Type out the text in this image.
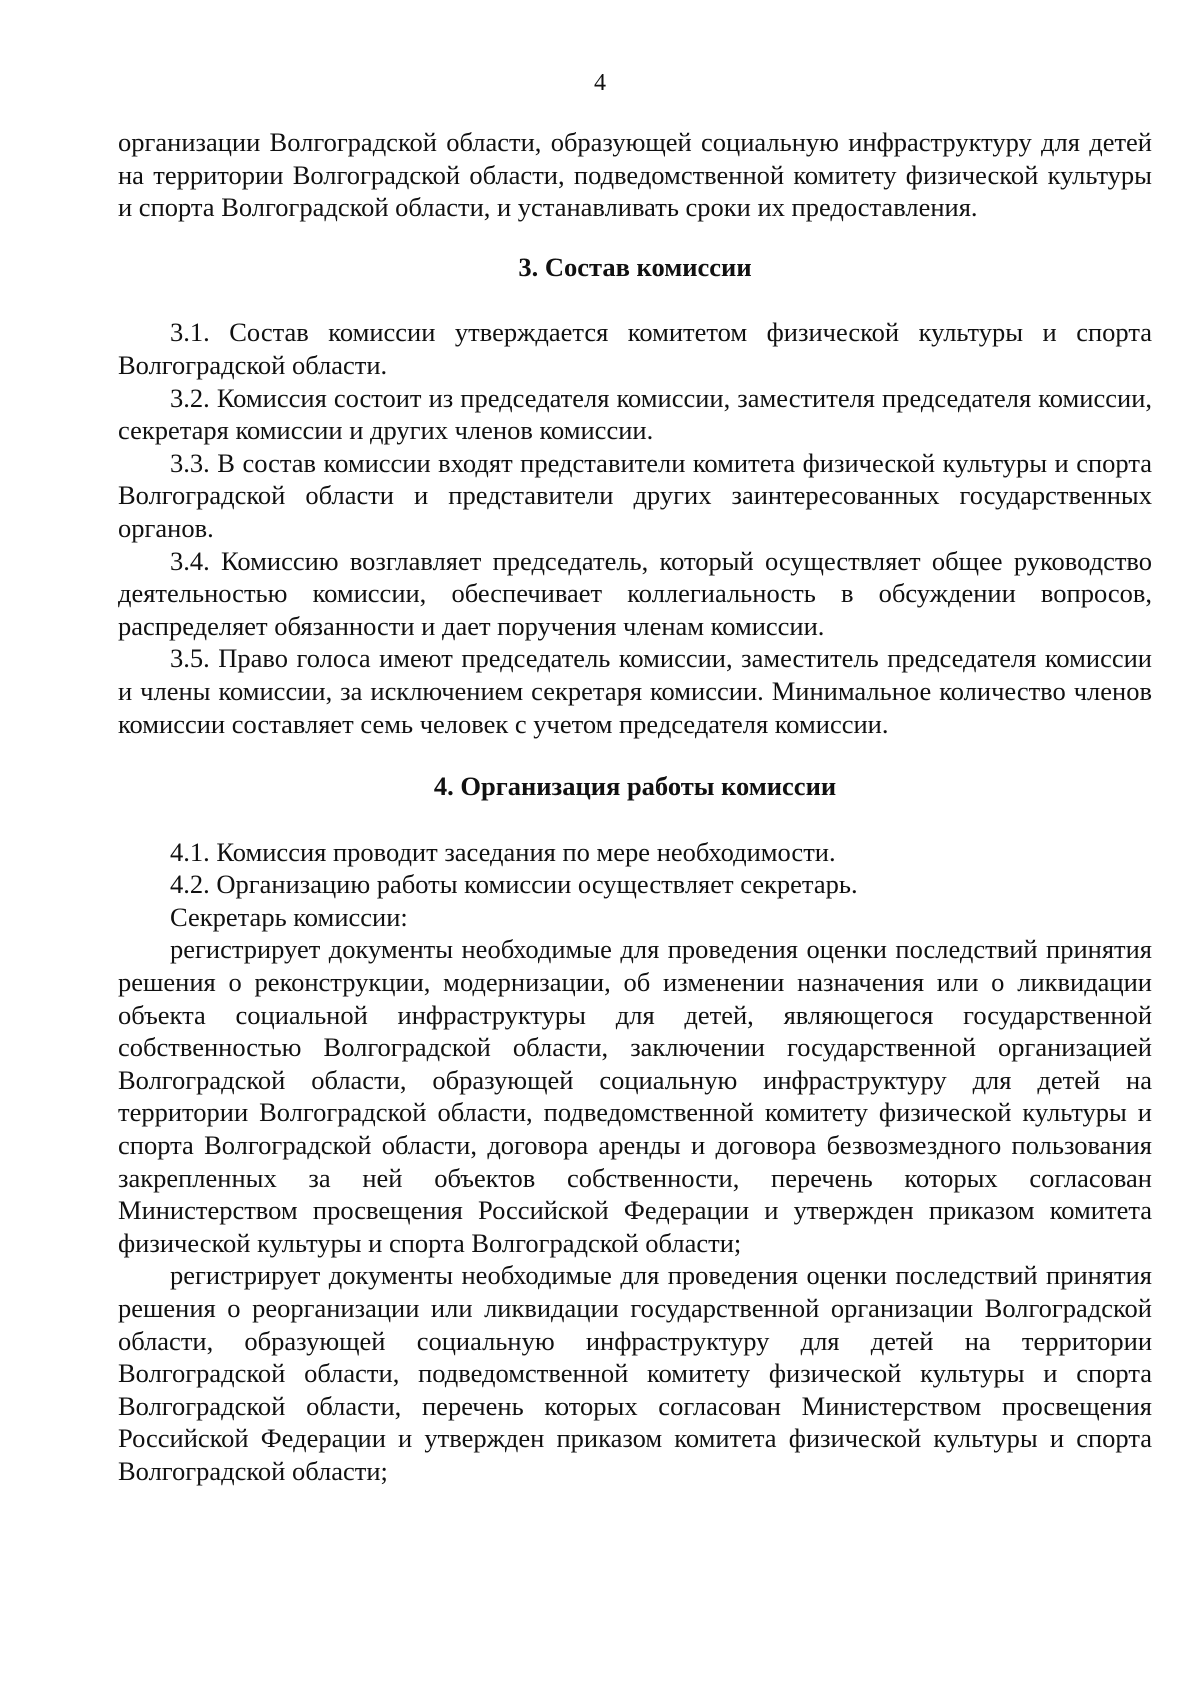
4

организации Волгоградской области, образующей социальную инфраструктуру для детей на территории Волгоградской области, подведомственной комитету физической культуры и спорта Волгоградской области, и устанавливать сроки их предоставления.

3. Состав комиссии

3.1. Состав комиссии утверждается комитетом физической культуры и спорта Волгоградской области.

3.2. Комиссия состоит из председателя комиссии, заместителя председателя комиссии, секретаря комиссии и других членов комиссии.

3.3. В состав комиссии входят представители комитета физической культуры и спорта Волгоградской области и представители других заинтересованных государственных органов.

3.4. Комиссию возглавляет председатель, который осуществляет общее руководство деятельностью комиссии, обеспечивает коллегиальность в обсуждении вопросов, распределяет обязанности и дает поручения членам комиссии.

3.5. Право голоса имеют председатель комиссии, заместитель председателя комиссии и члены комиссии, за исключением секретаря комиссии. Минимальное количество членов комиссии составляет семь человек с учетом председателя комиссии.

4. Организация работы комиссии

4.1. Комиссия проводит заседания по мере необходимости.

4.2. Организацию работы комиссии осуществляет секретарь.

Секретарь комиссии:

регистрирует документы необходимые для проведения оценки последствий принятия решения о реконструкции, модернизации, об изменении назначения или о ликвидации объекта социальной инфраструктуры для детей, являющегося государственной собственностью Волгоградской области, заключении государственной организацией Волгоградской области, образующей социальную инфраструктуру для детей на территории Волгоградской области, подведомственной комитету физической культуры и спорта Волгоградской области, договора аренды и договора безвозмездного пользования закрепленных за ней объектов собственности, перечень которых согласован Министерством просвещения Российской Федерации и утвержден приказом комитета физической культуры и спорта Волгоградской области;

регистрирует документы необходимые для проведения оценки последствий принятия решения о реорганизации или ликвидации государственной организации Волгоградской области, образующей социальную инфраструктуру для детей на территории Волгоградской области, подведомственной комитету физической культуры и спорта Волгоградской области, перечень которых согласован Министерством просвещения Российской Федерации и утвержден приказом комитета физической культуры и спорта Волгоградской области;
